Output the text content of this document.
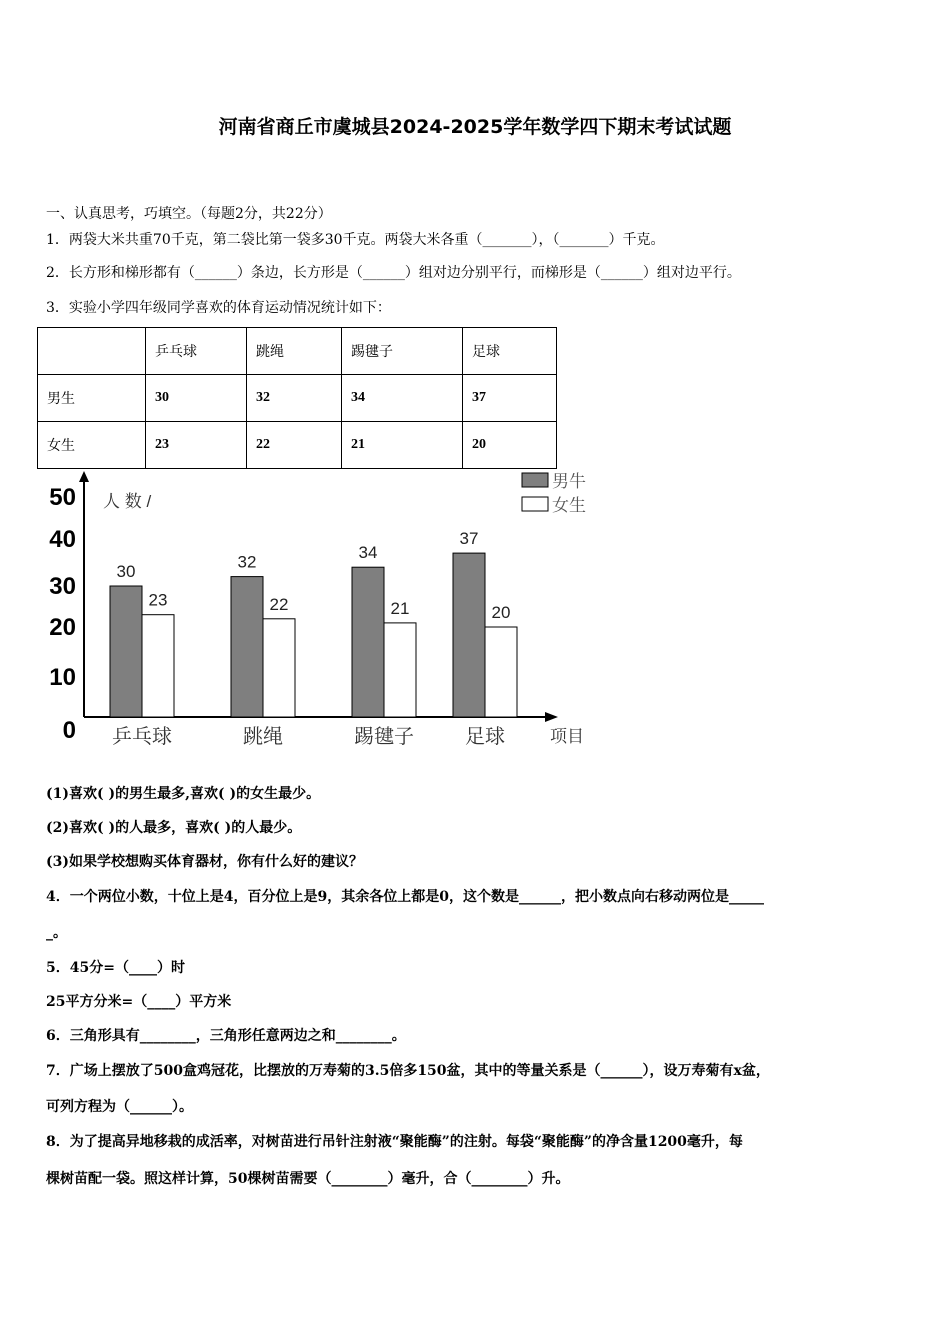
河南省商丘市虞城县2024-2025学年数学四下期末考试试题
一、认真思考，巧填空。（每题2分，共22分）
1．两袋大米共重70千克，第二袋比第一袋多30千克。两袋大米各重（_______），（_______）千克。
2．长方形和梯形都有（______）条边，长方形是（______）组对边分别平行，而梯形是（______）组对边平行。
3．实验小学四年级同学喜欢的体育运动情况统计如下：
	乒乓球	跳绳	踢毽子	足球
男生	30	32	34	37
女生	23	22	21	20
0
10
20
30
40
50 人 数 /
30
23
乒乓球
32
22
跳绳
34
21
踢毽子
37
20
足球	项目
男牛
女生
(1)喜欢( )的男生最多,喜欢( )的女生最少。
(2)喜欢( )的人最多，喜欢( )的人最少。
(3)如果学校想购买体育器材，你有什么好的建议？
4．一个两位小数，十位上是4，百分位上是9，其余各位上都是0，这个数是______，把小数点向右移动两位是_____
_。
5．45分=（____）时
25平方分米=（____）平方米
6．三角形具有________，三角形任意两边之和________。
7．广场上摆放了500盒鸡冠花，比摆放的万寿菊的3.5倍多150盆，其中的等量关系是（______），设万寿菊有x盆，
可列方程为（______）。
8．为了提高异地移栽的成活率，对树苗进行吊针注射液“聚能酶”的注射。每袋“聚能酶”的净含量1200毫升，每
棵树苗配一袋。照这样计算，50棵树苗需要（________）毫升，合（________）升。
